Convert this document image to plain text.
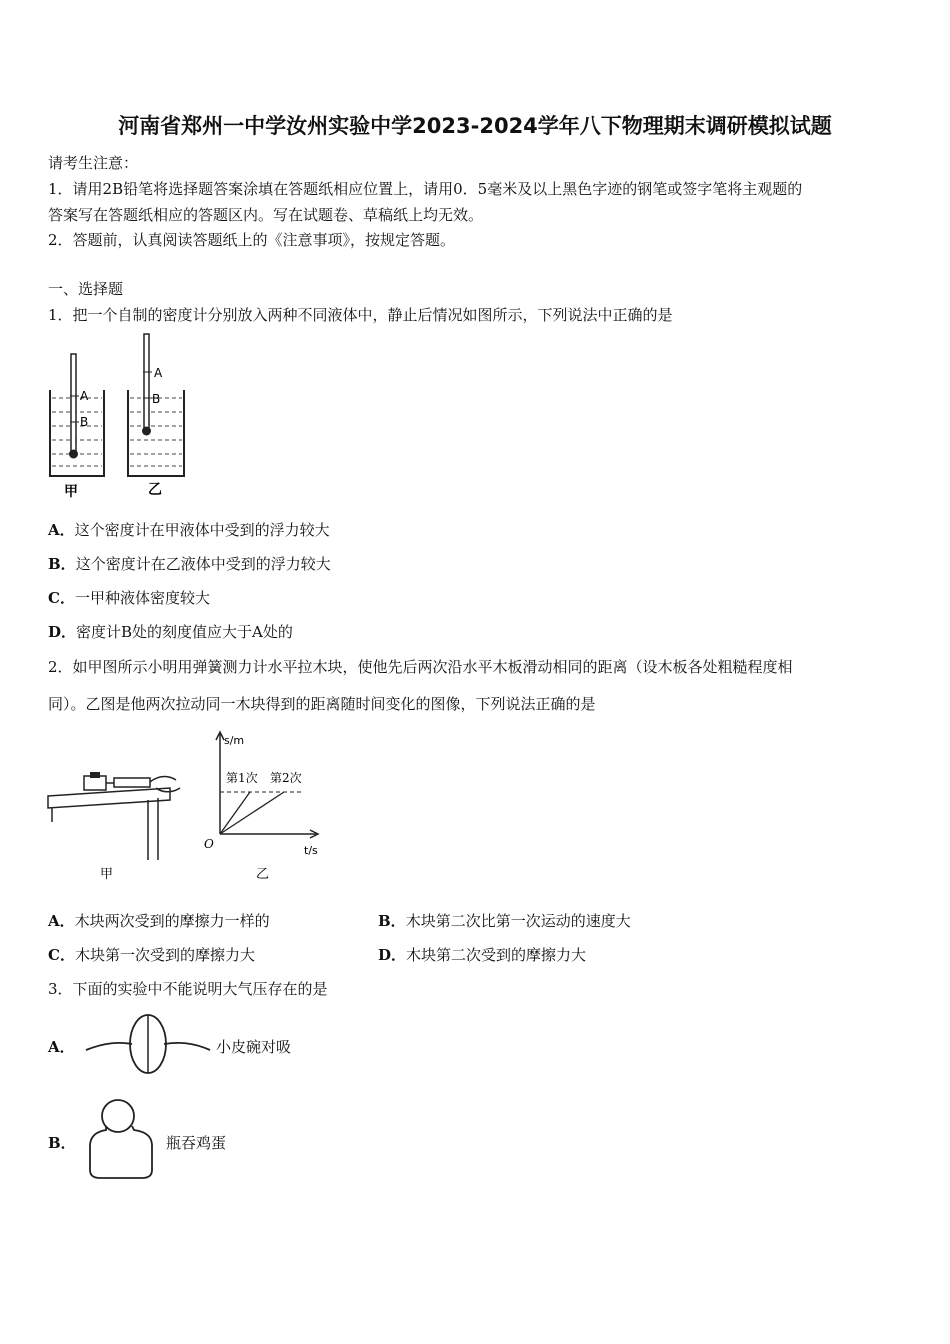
河南省郑州一中学汝州实验中学2023-2024学年八下物理期末调研模拟试题
请考生注意：
1．请用2B铅笔将选择题答案涂填在答题纸相应位置上，请用0．5毫米及以上黑色字迹的钢笔或签字笔将主观题的
答案写在答题纸相应的答题区内。写在试题卷、草稿纸上均无效。
2．答题前，认真阅读答题纸上的《注意事项》，按规定答题。
一、选择题
1．把一个自制的密度计分别放入两种不同液体中，静止后情况如图所示，下列说法中正确的是
A
B
A
B
甲	乙
A．这个密度计在甲液体中受到的浮力较大
B．这个密度计在乙液体中受到的浮力较大
C．一甲种液体密度较大
D．密度计B处的刻度值应大于A处的
2．如甲图所示小明用弹簧测力计水平拉木块，使他先后两次沿水平木板滑动相同的距离（设木板各处粗糙程度相
同）。乙图是他两次拉动同一木块得到的距离随时间变化的图像，下列说法正确的是
甲
s/m
t/s
O
第1次 第2次
乙
A．木块两次受到的摩擦力一样的	B．木块第二次比第一次运动的速度大
C．木块第一次受到的摩擦力大	D．木块第二次受到的摩擦力大
3．下面的实验中不能说明大气压存在的是
A．	小皮碗对吸
B．	瓶吞鸡蛋
